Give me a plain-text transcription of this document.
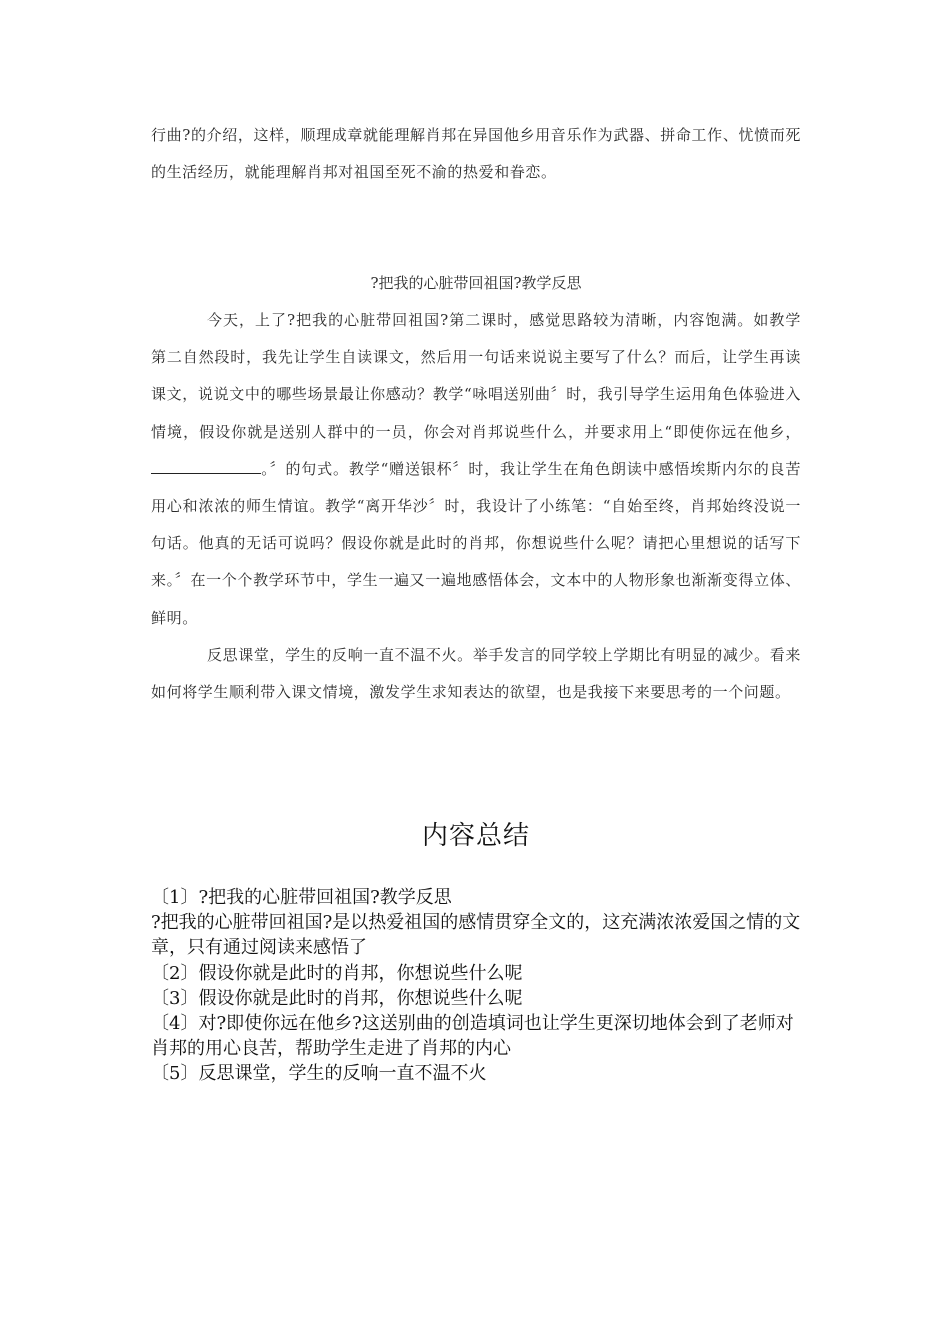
行曲?的介绍，这样，顺理成章就能理解肖邦在异国他乡用音乐作为武器、拼命工作、忧愤而死的生活经历，就能理解肖邦对祖国至死不渝的热爱和眷恋。
?把我的心脏带回祖国?教学反思
今天，上了?把我的心脏带回祖国?第二课时，感觉思路较为清晰，内容饱满。如教学第二自然段时，我先让学生自读课文，然后用一句话来说说主要写了什么？而后，让学生再读课文，说说文中的哪些场景最让你感动？教学“咏唱送别曲〞时，我引导学生运用角色体验进入情境，假设你就是送别人群中的一员，你会对肖邦说些什么，并要求用上“即使你远在他乡，。〞的句式。教学“赠送银杯〞时，我让学生在角色朗读中感悟埃斯内尔的良苦用心和浓浓的师生情谊。教学“离开华沙〞时，我设计了小练笔：“自始至终，肖邦始终没说一句话。他真的无话可说吗？假设你就是此时的肖邦，你想说些什么呢？请把心里想说的话写下来。〞在一个个教学环节中，学生一遍又一遍地感悟体会，文本中的人物形象也渐渐变得立体、鲜明。
反思课堂，学生的反响一直不温不火。举手发言的同学较上学期比有明显的减少。看来如何将学生顺利带入课文情境，激发学生求知表达的欲望，也是我接下来要思考的一个问题。
内容总结

〔1〕?把我的心脏带回祖国?教学反思

?把我的心脏带回祖国?是以热爱祖国的感情贯穿全文的，这充满浓浓爱国之情的文章，只有通过阅读来感悟了

〔2〕假设你就是此时的肖邦，你想说些什么呢

〔3〕假设你就是此时的肖邦，你想说些什么呢

〔4〕对?即使你远在他乡?这送别曲的创造填词也让学生更深切地体会到了老师对肖邦的用心良苦，帮助学生走进了肖邦的内心

〔5〕反思课堂，学生的反响一直不温不火
